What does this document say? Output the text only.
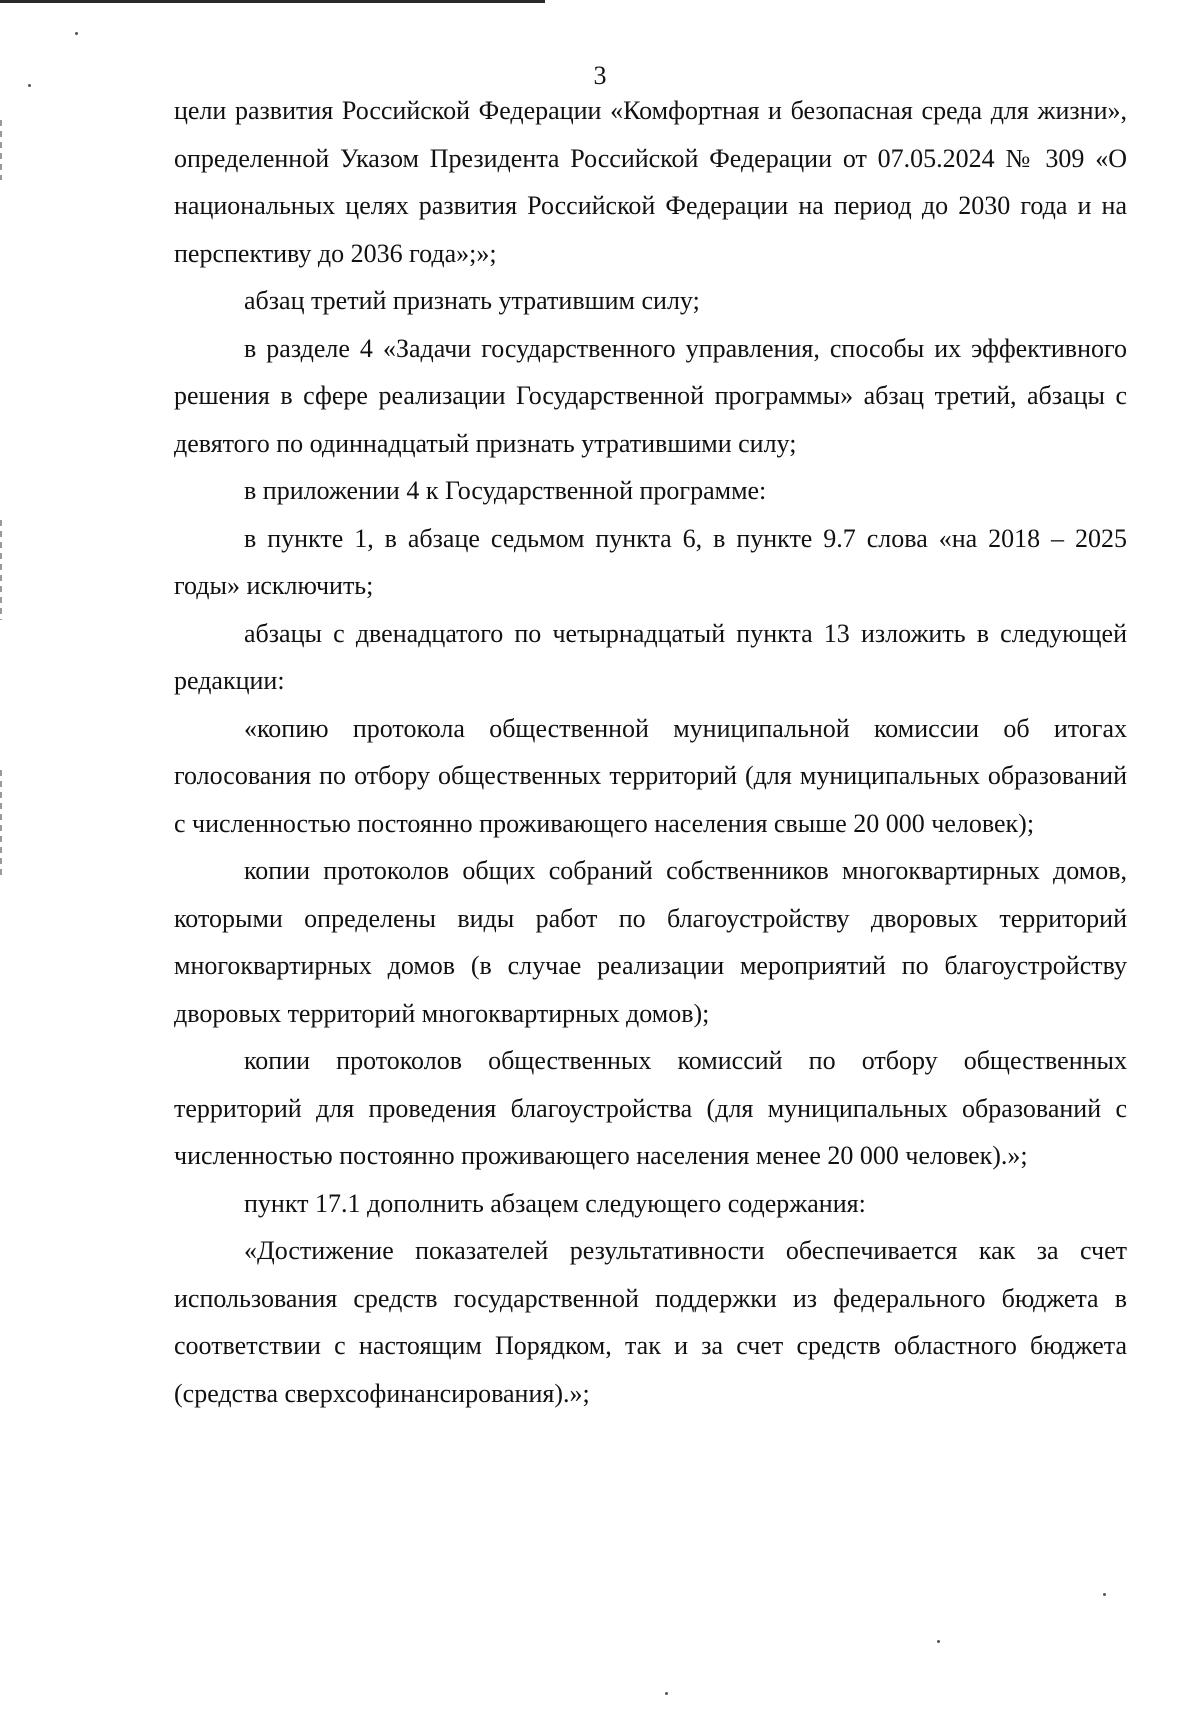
3

цели развития Российской Федерации «Комфортная и безопасная среда для жизни», определенной Указом Президента Российской Федерации от 07.05.2024 № 309 «О национальных целях развития Российской Федерации на период до 2030 года и на перспективу до 2036 года»;»;

абзац третий признать утратившим силу;

в разделе 4 «Задачи государственного управления, способы их эффективного решения в сфере реализации Государственной программы» абзац третий, абзацы с девятого по одиннадцатый признать утратившими силу;

в приложении 4 к Государственной программе:

в пункте 1, в абзаце седьмом пункта 6, в пункте 9.7 слова «на 2018 – 2025 годы» исключить;

абзацы с двенадцатого по четырнадцатый пункта 13 изложить в следующей редакции:

«копию протокола общественной муниципальной комиссии об итогах голосования по отбору общественных территорий (для муниципальных образований с численностью постоянно проживающего населения свыше 20 000 человек);

копии протоколов общих собраний собственников многоквартирных домов, которыми определены виды работ по благоустройству дворовых территорий многоквартирных домов (в случае реализации мероприятий по благоустройству дворовых территорий многоквартирных домов);

копии протоколов общественных комиссий по отбору общественных территорий для проведения благоустройства (для муниципальных образований с численностью постоянно проживающего населения менее 20 000 человек).»;

пункт 17.1 дополнить абзацем следующего содержания:

«Достижение показателей результативности обеспечивается как за счет использования средств государственной поддержки из федерального бюджета в соответствии с настоящим Порядком, так и за счет средств областного бюджета (средства сверхсофинансирования).»;
